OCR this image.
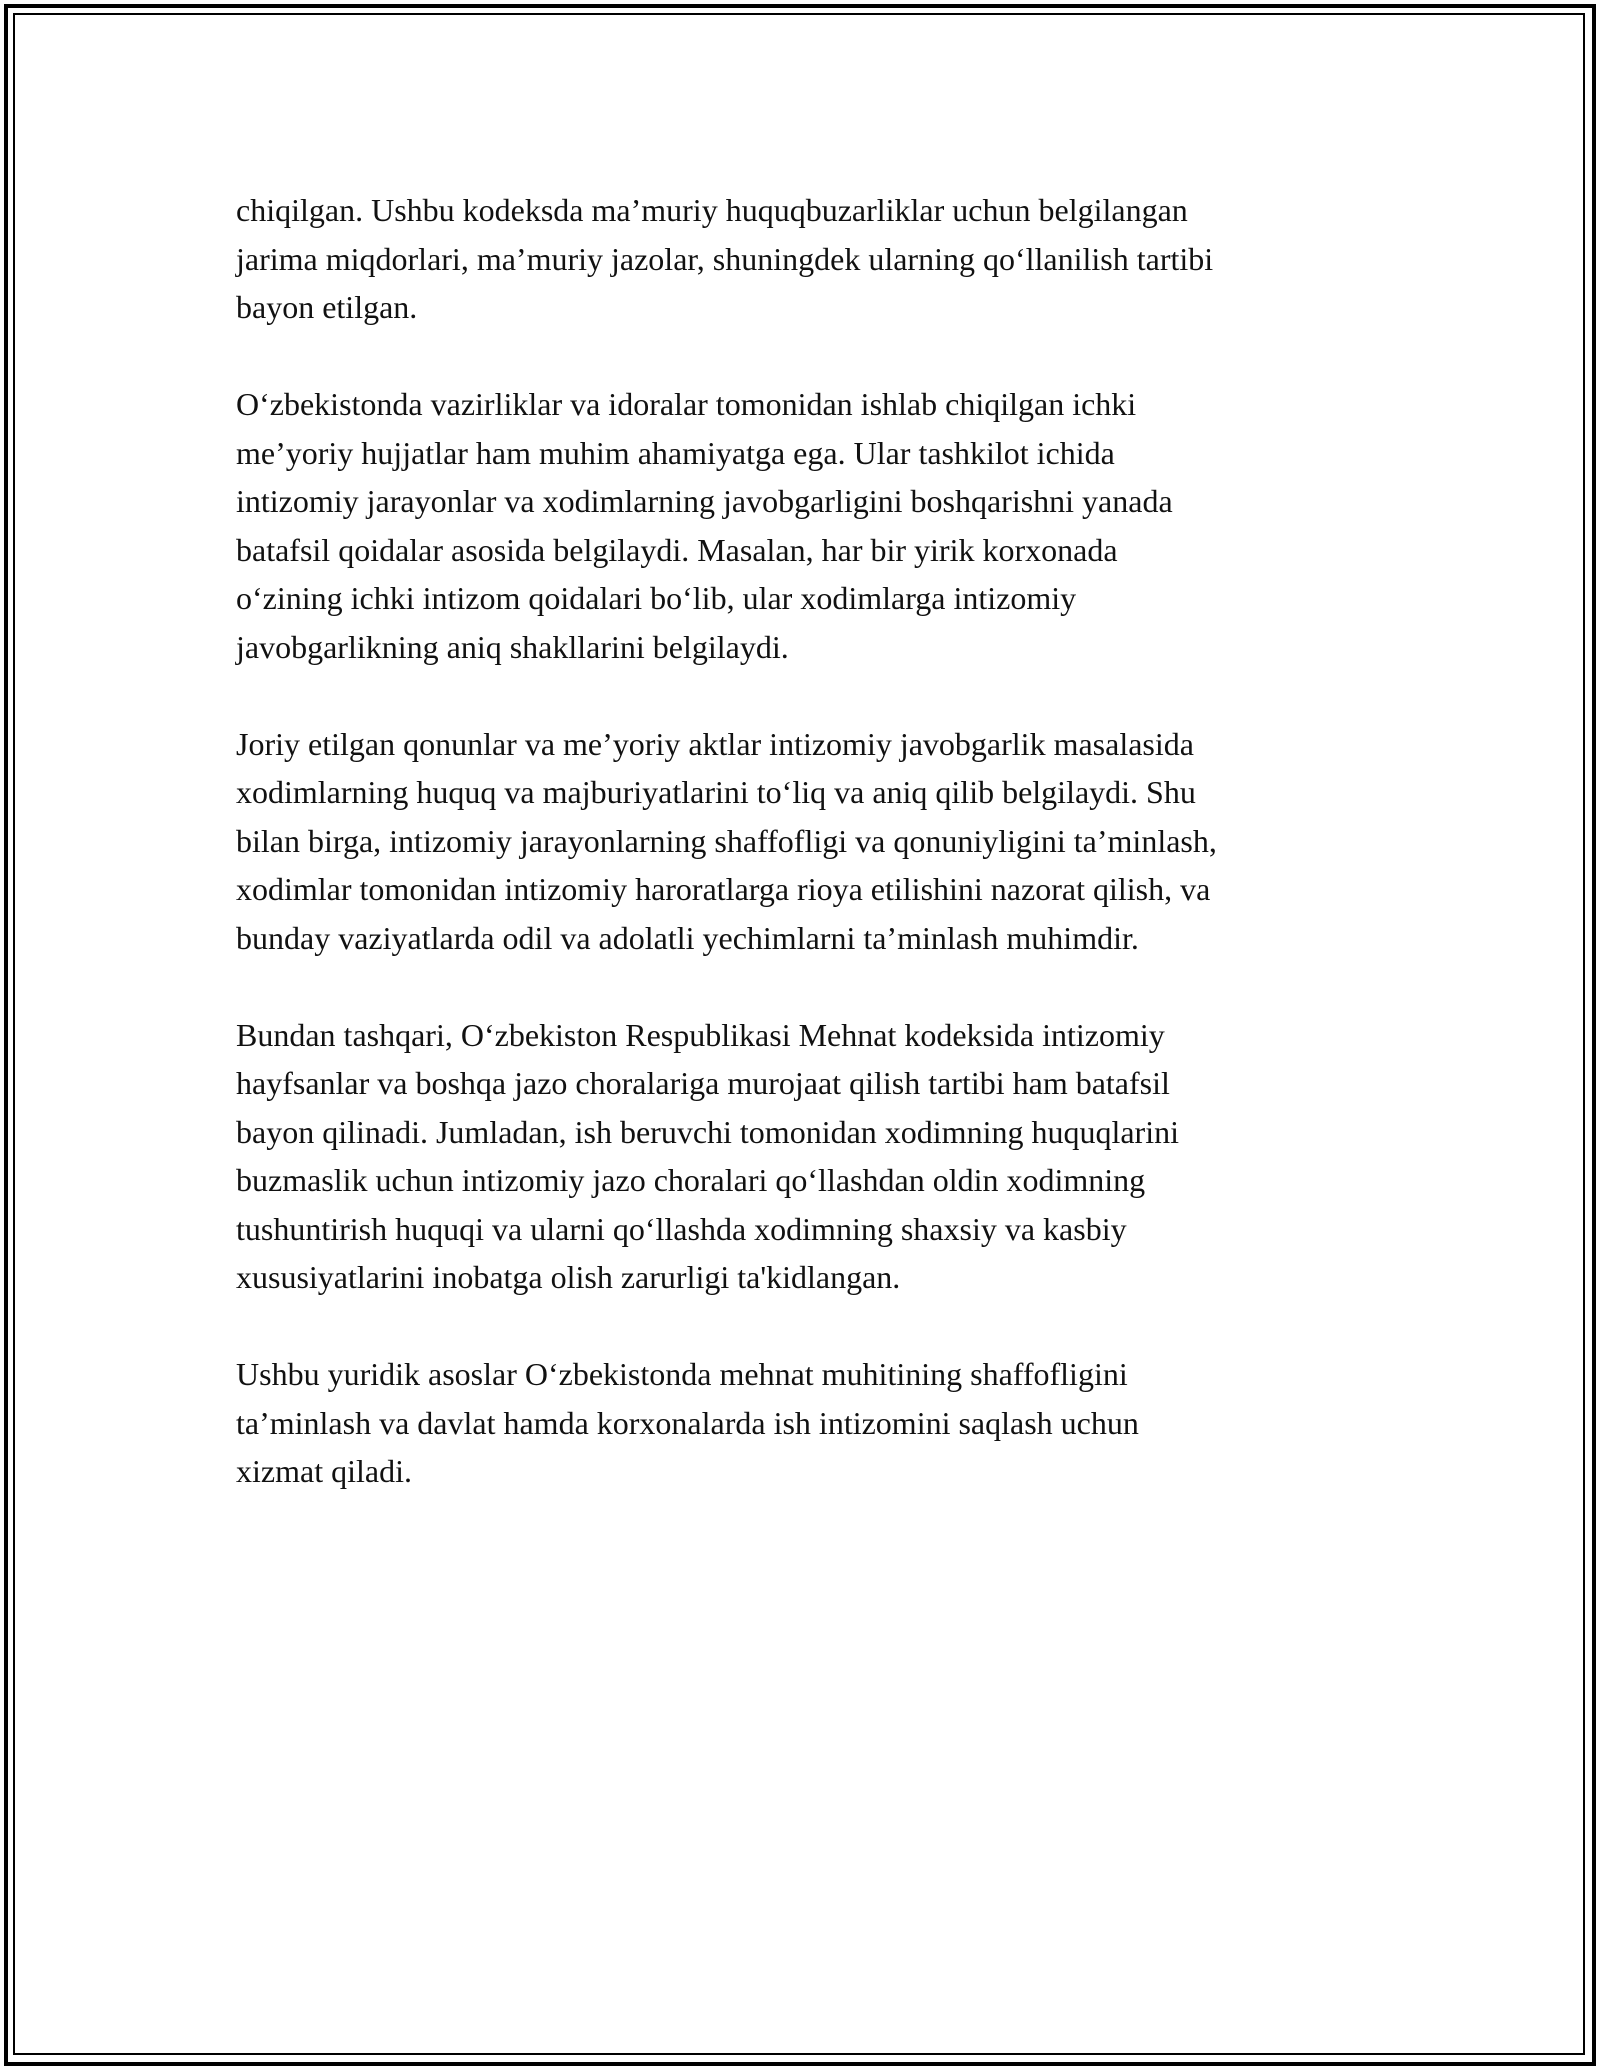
chiqilgan. Ushbu kodeksda ma’muriy huquqbuzarliklar uchun belgilangan
jarima miqdorlari, ma’muriy jazolar, shuningdek ularning qo‘llanilish tartibi
bayon etilgan.

O‘zbekistonda vazirliklar va idoralar tomonidan ishlab chiqilgan ichki
me’yoriy hujjatlar ham muhim ahamiyatga ega. Ular tashkilot ichida
intizomiy jarayonlar va xodimlarning javobgarligini boshqarishni yanada
batafsil qoidalar asosida belgilaydi. Masalan, har bir yirik korxonada
o‘zining ichki intizom qoidalari bo‘lib, ular xodimlarga intizomiy
javobgarlikning aniq shakllarini belgilaydi.

Joriy etilgan qonunlar va me’yoriy aktlar intizomiy javobgarlik masalasida
xodimlarning huquq va majburiyatlarini to‘liq va aniq qilib belgilaydi. Shu
bilan birga, intizomiy jarayonlarning shaffofligi va qonuniyligini ta’minlash,
xodimlar tomonidan intizomiy haroratlarga rioya etilishini nazorat qilish, va
bunday vaziyatlarda odil va adolatli yechimlarni ta’minlash muhimdir.

Bundan tashqari, O‘zbekiston Respublikasi Mehnat kodeksida intizomiy
hayfsanlar va boshqa jazo choralariga murojaat qilish tartibi ham batafsil
bayon qilinadi. Jumladan, ish beruvchi tomonidan xodimning huquqlarini
buzmaslik uchun intizomiy jazo choralari qo‘llashdan oldin xodimning
tushuntirish huquqi va ularni qo‘llashda xodimning shaxsiy va kasbiy
xususiyatlarini inobatga olish zarurligi ta'kidlangan.

Ushbu yuridik asoslar O‘zbekistonda mehnat muhitining shaffofligini
ta’minlash va davlat hamda korxonalarda ish intizomini saqlash uchun
xizmat qiladi.
